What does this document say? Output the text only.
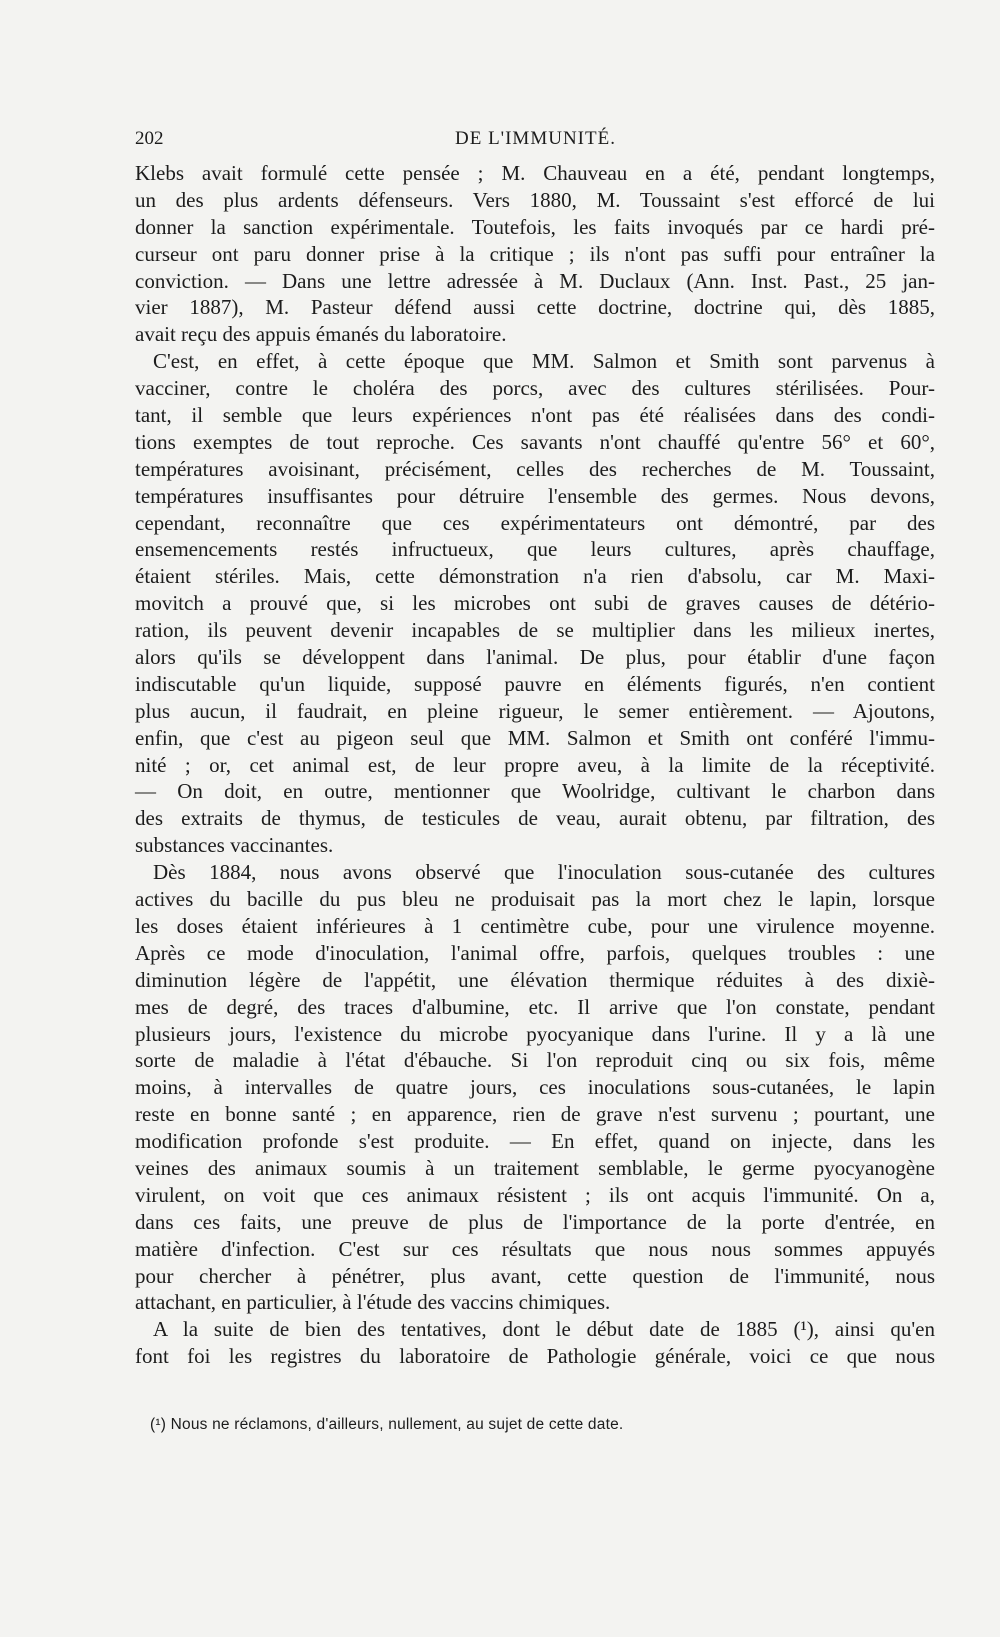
202	DE L'IMMUNITÉ.
Klebs avait formulé cette pensée ; M. Chauveau en a été, pendant longtemps,
un des plus ardents défenseurs. Vers 1880, M. Toussaint s'est efforcé de lui
donner la sanction expérimentale. Toutefois, les faits invoqués par ce hardi pré-
curseur ont paru donner prise à la critique ; ils n'ont pas suffi pour entraîner la
conviction. — Dans une lettre adressée à M. Duclaux (Ann. Inst. Past., 25 jan-
vier 1887), M. Pasteur défend aussi cette doctrine, doctrine qui, dès 1885,
avait reçu des appuis émanés du laboratoire.
C'est, en effet, à cette époque que MM. Salmon et Smith sont parvenus à
vacciner, contre le choléra des porcs, avec des cultures stérilisées. Pour-
tant, il semble que leurs expériences n'ont pas été réalisées dans des condi-
tions exemptes de tout reproche. Ces savants n'ont chauffé qu'entre 56° et 60°,
températures avoisinant, précisément, celles des recherches de M. Toussaint,
températures insuffisantes pour détruire l'ensemble des germes. Nous devons,
cependant, reconnaître que ces expérimentateurs ont démontré, par des
ensemencements restés infructueux, que leurs cultures, après chauffage,
étaient stériles. Mais, cette démonstration n'a rien d'absolu, car M. Maxi-
movitch a prouvé que, si les microbes ont subi de graves causes de détério-
ration, ils peuvent devenir incapables de se multiplier dans les milieux inertes,
alors qu'ils se développent dans l'animal. De plus, pour établir d'une façon
indiscutable qu'un liquide, supposé pauvre en éléments figurés, n'en contient
plus aucun, il faudrait, en pleine rigueur, le semer entièrement. — Ajoutons,
enfin, que c'est au pigeon seul que MM. Salmon et Smith ont conféré l'immu-
nité ; or, cet animal est, de leur propre aveu, à la limite de la réceptivité.
— On doit, en outre, mentionner que Woolridge, cultivant le charbon dans
des extraits de thymus, de testicules de veau, aurait obtenu, par filtration, des
substances vaccinantes.
Dès 1884, nous avons observé que l'inoculation sous-cutanée des cultures
actives du bacille du pus bleu ne produisait pas la mort chez le lapin, lorsque
les doses étaient inférieures à 1 centimètre cube, pour une virulence moyenne.
Après ce mode d'inoculation, l'animal offre, parfois, quelques troubles : une
diminution légère de l'appétit, une élévation thermique réduites à des dixiè-
mes de degré, des traces d'albumine, etc. Il arrive que l'on constate, pendant
plusieurs jours, l'existence du microbe pyocyanique dans l'urine. Il y a là une
sorte de maladie à l'état d'ébauche. Si l'on reproduit cinq ou six fois, même
moins, à intervalles de quatre jours, ces inoculations sous-cutanées, le lapin
reste en bonne santé ; en apparence, rien de grave n'est survenu ; pourtant, une
modification profonde s'est produite. — En effet, quand on injecte, dans les
veines des animaux soumis à un traitement semblable, le germe pyocyanogène
virulent, on voit que ces animaux résistent ; ils ont acquis l'immunité. On a,
dans ces faits, une preuve de plus de l'importance de la porte d'entrée, en
matière d'infection. C'est sur ces résultats que nous nous sommes appuyés
pour chercher à pénétrer, plus avant, cette question de l'immunité, nous
attachant, en particulier, à l'étude des vaccins chimiques.
A la suite de bien des tentatives, dont le début date de 1885 (¹), ainsi qu'en
font foi les registres du laboratoire de Pathologie générale, voici ce que nous
(¹) Nous ne réclamons, d'ailleurs, nullement, au sujet de cette date.
